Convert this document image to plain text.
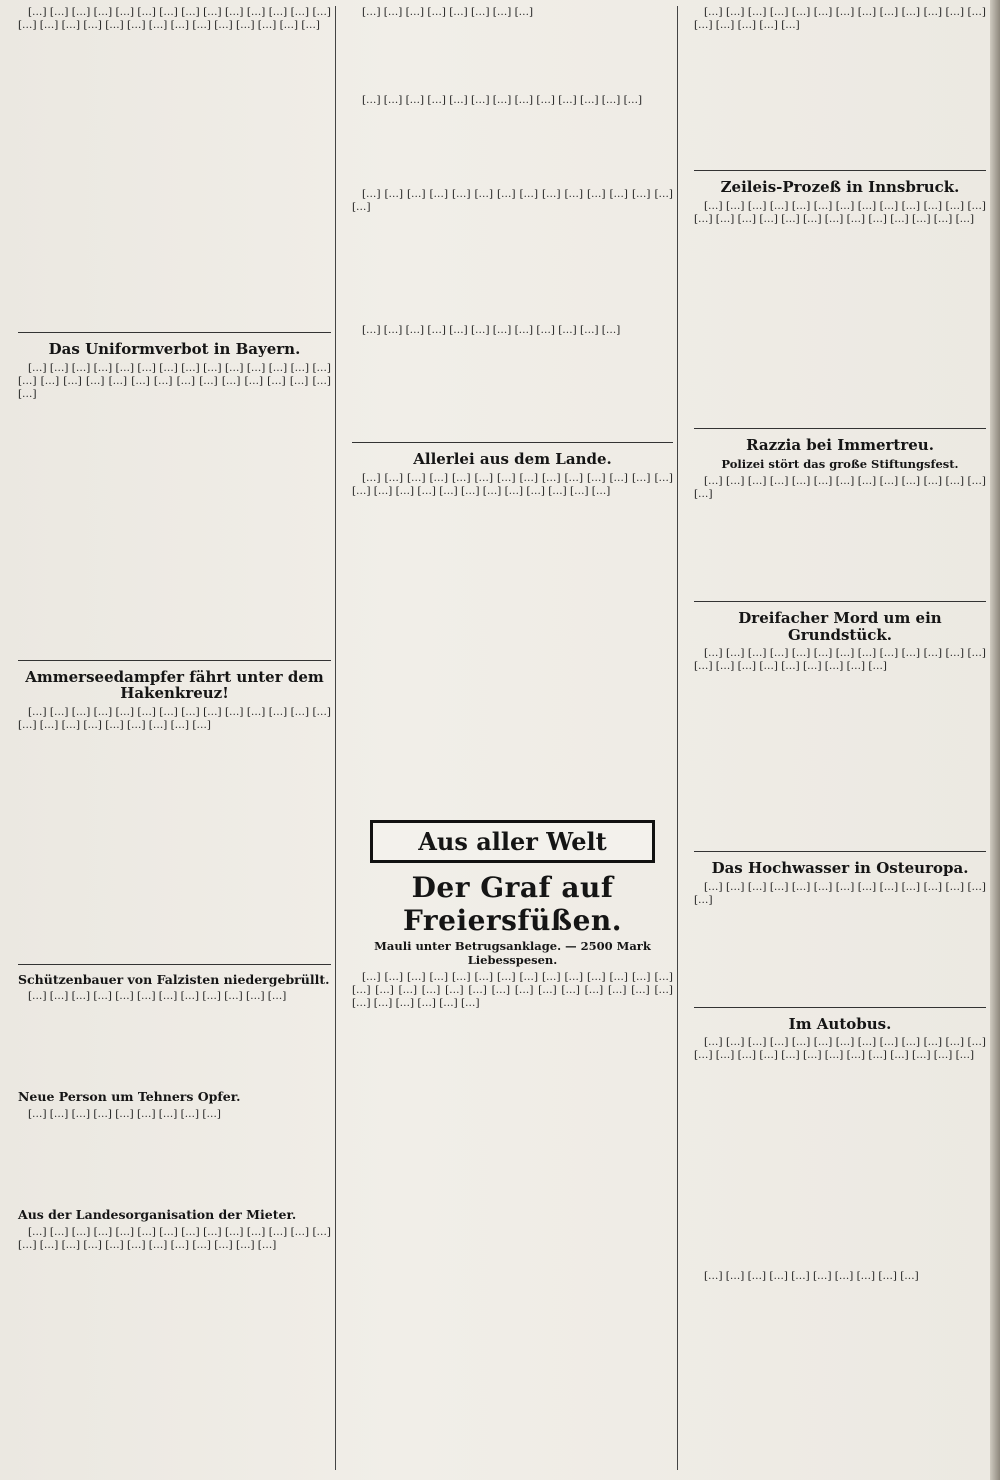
[…] […] […] […] […] […] […] […] […] […] […] […] […] […] […] […] […] […] […] […] […] […] […] […] […] […] […] […]

Das Uniformverbot in Bayern.

[…] […] […] […] […] […] […] […] […] […] […] […] […] […] […] […] […] […] […] […] […] […] […] […] […] […] […] […] […]

Ammerseedampfer fährt unter dem Hakenkreuz!

[…] […] […] […] […] […] […] […] […] […] […] […] […] […] […] […] […] […] […] […] […] […] […]

Schützenbauer von Falzisten niedergebrüllt.

[…] […] […] […] […] […] […] […] […] […] […] […]

Neue Person um Tehners Opfer.

[…] […] […] […] […] […] […] […] […]

Aus der Landesorganisation der Mieter.

[…] […] […] […] […] […] […] […] […] […] […] […] […] […] […] […] […] […] […] […] […] […] […] […] […] […]

[…] […] […] […] […] […] […] […]

[…] […] […] […] […] […] […] […] […] […] […] […] […]

[…] […] […] […] […] […] […] […] […] […] […] […] […] […] […]

[…] […] […] […] […] […] […] […] […] […] […] […]

Allerlei aus dem Lande.

[…] […] […] […] […] […] […] […] […] […] […] […] […] […] […] […] […] […] […] […] […] […] […] […] […] […]

Aus aller Welt
Der Graf auf Freiersfüßen.
Mauli unter Betrugsanklage. — 2500 Mark Liebesspesen.

[…] […] […] […] […] […] […] […] […] […] […] […] […] […] […] […] […] […] […] […] […] […] […] […] […] […] […] […] […] […] […] […] […] […]

[…] […] […] […] […] […] […] […] […] […] […] […] […] […] […] […] […] […]

Zeileis-Prozeß in Innsbruck.

[…] […] […] […] […] […] […] […] […] […] […] […] […] […] […] […] […] […] […] […] […] […] […] […] […] […]

Razzia bei Immertreu.
Polizei stört das große Stiftungsfest.

[…] […] […] […] […] […] […] […] […] […] […] […] […] […]

Dreifacher Mord um ein Grundstück.

[…] […] […] […] […] […] […] […] […] […] […] […] […] […] […] […] […] […] […] […] […] […]

Das Hochwasser in Osteuropa.

[…] […] […] […] […] […] […] […] […] […] […] […] […] […]

Im Autobus.

[…] […] […] […] […] […] […] […] […] […] […] […] […] […] […] […] […] […] […] […] […] […] […] […] […] […]

[…] […] […] […] […] […] […] […] […] […]
